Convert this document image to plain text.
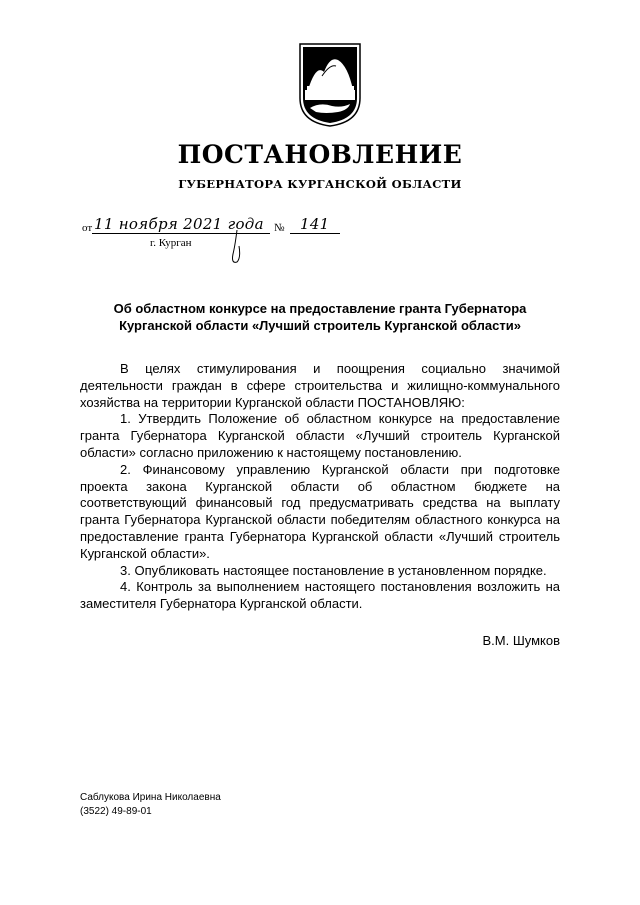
ПОСТАНОВЛЕНИЕ
ГУБЕРНАТОРА КУРГАНСКОЙ ОБЛАСТИ
от 11 ноября 2021 года № 141
г. Курган
Об областном конкурсе на предоставление гранта Губернатора Курганской области «Лучший строитель Курганской области»

В целях стимулирования и поощрения социально значимой деятельности граждан в сфере строительства и жилищно-коммунального хозяйства на территории Курганской области ПОСТАНОВЛЯЮ:

1. Утвердить Положение об областном конкурсе на предоставление гранта Губернатора Курганской области «Лучший строитель Курганской области» согласно приложению к настоящему постановлению.

2. Финансовому управлению Курганской области при подготовке проекта закона Курганской области об областном бюджете на соответствующий финансовый год предусматривать средства на выплату гранта Губернатора Курганской области победителям областного конкурса на предоставление гранта Губернатора Курганской области «Лучший строитель Курганской области».

3. Опубликовать настоящее постановление в установленном порядке.

4. Контроль за выполнением настоящего постановления возложить на заместителя Губернатора Курганской области.

В.М. Шумков
Саблукова Ирина Николаевна
(3522) 49-89-01
